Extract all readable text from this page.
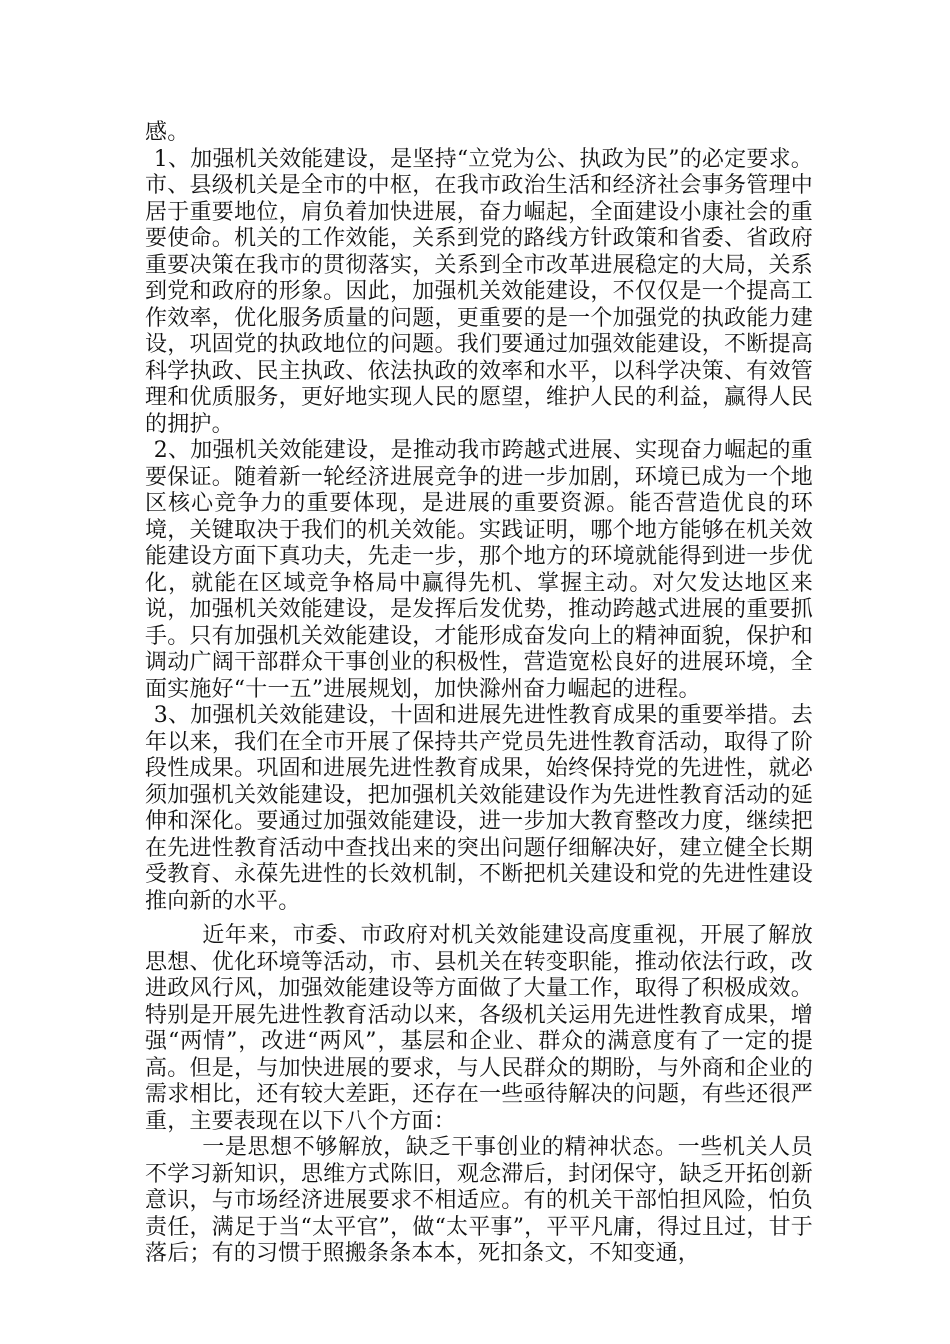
感。

1、加强机关效能建设，是坚持“立党为公、执政为民”的必定要求。市、县级机关是全市的中枢，在我市政治生活和经济社会事务管理中居于重要地位，肩负着加快进展，奋力崛起，全面建设小康社会的重要使命。机关的工作效能，关系到党的路线方针政策和省委、省政府重要决策在我市的贯彻落实，关系到全市改革进展稳定的大局，关系到党和政府的形象。因此，加强机关效能建设，不仅仅是一个提高工作效率，优化服务质量的问题，更重要的是一个加强党的执政能力建设，巩固党的执政地位的问题。我们要通过加强效能建设，不断提高科学执政、民主执政、依法执政的效率和水平，以科学决策、有效管理和优质服务，更好地实现人民的愿望，维护人民的利益，赢得人民的拥护。

2、加强机关效能建设，是推动我市跨越式进展、实现奋力崛起的重要保证。随着新一轮经济进展竞争的进一步加剧，环境已成为一个地区核心竞争力的重要体现，是进展的重要资源。能否营造优良的环境，关键取决于我们的机关效能。实践证明，哪个地方能够在机关效能建设方面下真功夫，先走一步，那个地方的环境就能得到进一步优化，就能在区域竞争格局中赢得先机、掌握主动。对欠发达地区来说，加强机关效能建设，是发挥后发优势，推动跨越式进展的重要抓手。只有加强机关效能建设，才能形成奋发向上的精神面貌，保护和调动广阔干部群众干事创业的积极性，营造宽松良好的进展环境，全面实施好“十一五”进展规划，加快滁州奋力崛起的进程。

3、加强机关效能建设，十固和进展先进性教育成果的重要举措。去年以来，我们在全市开展了保持共产党员先进性教育活动，取得了阶段性成果。巩固和进展先进性教育成果，始终保持党的先进性，就必须加强机关效能建设，把加强机关效能建设作为先进性教育活动的延伸和深化。要通过加强效能建设，进一步加大教育整改力度，继续把在先进性教育活动中查找出来的突出问题仔细解决好，建立健全长期受教育、永葆先进性的长效机制，不断把机关建设和党的先进性建设推向新的水平。

近年来，市委、市政府对机关效能建设高度重视，开展了解放思想、优化环境等活动，市、县机关在转变职能，推动依法行政，改进政风行风，加强效能建设等方面做了大量工作，取得了积极成效。特别是开展先进性教育活动以来，各级机关运用先进性教育成果，增强“两情”，改进“两风”，基层和企业、群众的满意度有了一定的提高。但是，与加快进展的要求，与人民群众的期盼，与外商和企业的需求相比，还有较大差距，还存在一些亟待解决的问题，有些还很严重，主要表现在以下八个方面：

一是思想不够解放，缺乏干事创业的精神状态。一些机关人员不学习新知识，思维方式陈旧，观念滞后，封闭保守，缺乏开拓创新意识，与市场经济进展要求不相适应。有的机关干部怕担风险，怕负责任，满足于当“太平官”，做“太平事”，平平凡庸，得过且过，甘于落后；有的习惯于照搬条条本本，死扣条文，不知变通，
